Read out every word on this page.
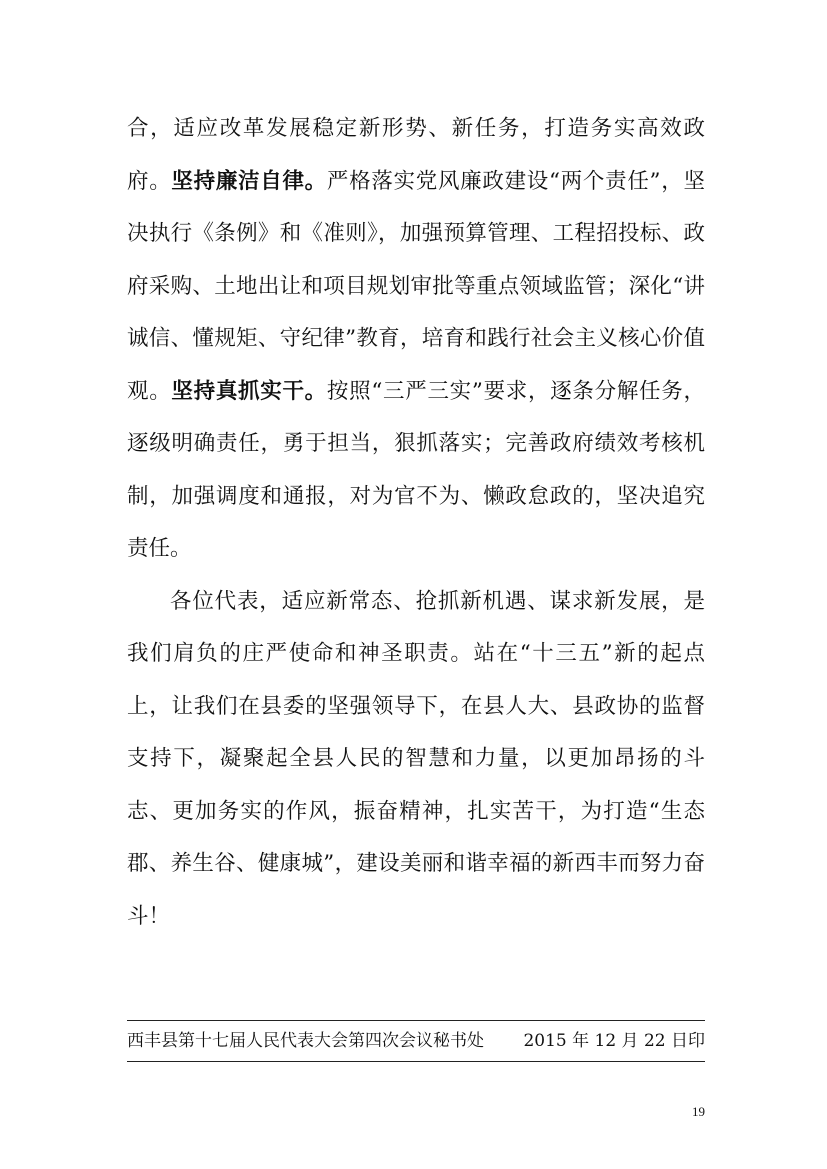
合，适应改革发展稳定新形势、新任务，打造务实高效政府。坚持廉洁自律。严格落实党风廉政建设“两个责任”，坚决执行《条例》和《准则》，加强预算管理、工程招投标、政府采购、土地出让和项目规划审批等重点领域监管；深化“讲诚信、懂规矩、守纪律”教育，培育和践行社会主义核心价值观。坚持真抓实干。按照“三严三实”要求，逐条分解任务，逐级明确责任，勇于担当，狠抓落实；完善政府绩效考核机制，加强调度和通报，对为官不为、懒政怠政的，坚决追究责任。

各位代表，适应新常态、抢抓新机遇、谋求新发展，是我们肩负的庄严使命和神圣职责。站在“十三五”新的起点上，让我们在县委的坚强领导下，在县人大、县政协的监督支持下，凝聚起全县人民的智慧和力量，以更加昂扬的斗志、更加务实的作风，振奋精神，扎实苦干，为打造“生态郡、养生谷、健康城”，建设美丽和谐幸福的新西丰而努力奋斗！

西丰县第十七届人民代表大会第四次会议秘书处 2015 年 12 月 22 日印
19
